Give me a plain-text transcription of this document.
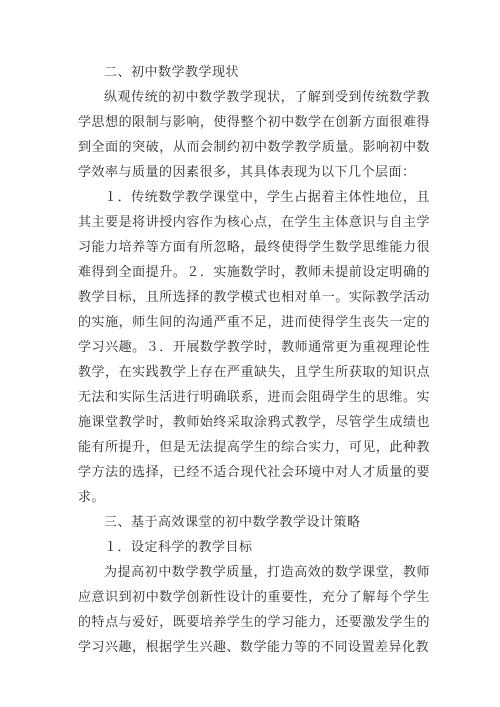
二、初中数学教学现状

纵观传统的初中数学教学现状，了解到受到传统数学教学思想的限制与影响，使得整个初中数学在创新方面很难得到全面的突破，从而会制约初中数学教学质量。影响初中数学效率与质量的因素很多，其具体表现为以下几个层面：

１．传统数学教学课堂中，学生占据着主体性地位，且其主要是将讲授内容作为核心点，在学生主体意识与自主学习能力培养等方面有所忽略，最终使得学生数学思维能力很难得到全面提升。２．实施数学时，教师未提前设定明确的教学目标，且所选择的教学模式也相对单一。实际教学活动的实施，师生间的沟通严重不足，进而使得学生丧失一定的学习兴趣。３．开展数学教学时，教师通常更为重视理论性教学，在实践教学上存在严重缺失，且学生所获取的知识点无法和实际生活进行明确联系，进而会阻碍学生的思维。实施课堂教学时，教师始终采取涂鸦式教学，尽管学生成绩也能有所提升，但是无法提高学生的综合实力，可见，此种教学方法的选择，已经不适合现代社会环境中对人才质量的要求。

三、基于高效课堂的初中数学教学设计策略

１．设定科学的教学目标

为提高初中数学教学质量，打造高效的数学课堂，教师应意识到初中数学创新性设计的重要性，充分了解每个学生的特点与爱好，既要培养学生的学习能力，还要激发学生的学习兴趣，根据学生兴趣、数学能力等的不同设置差异化教
